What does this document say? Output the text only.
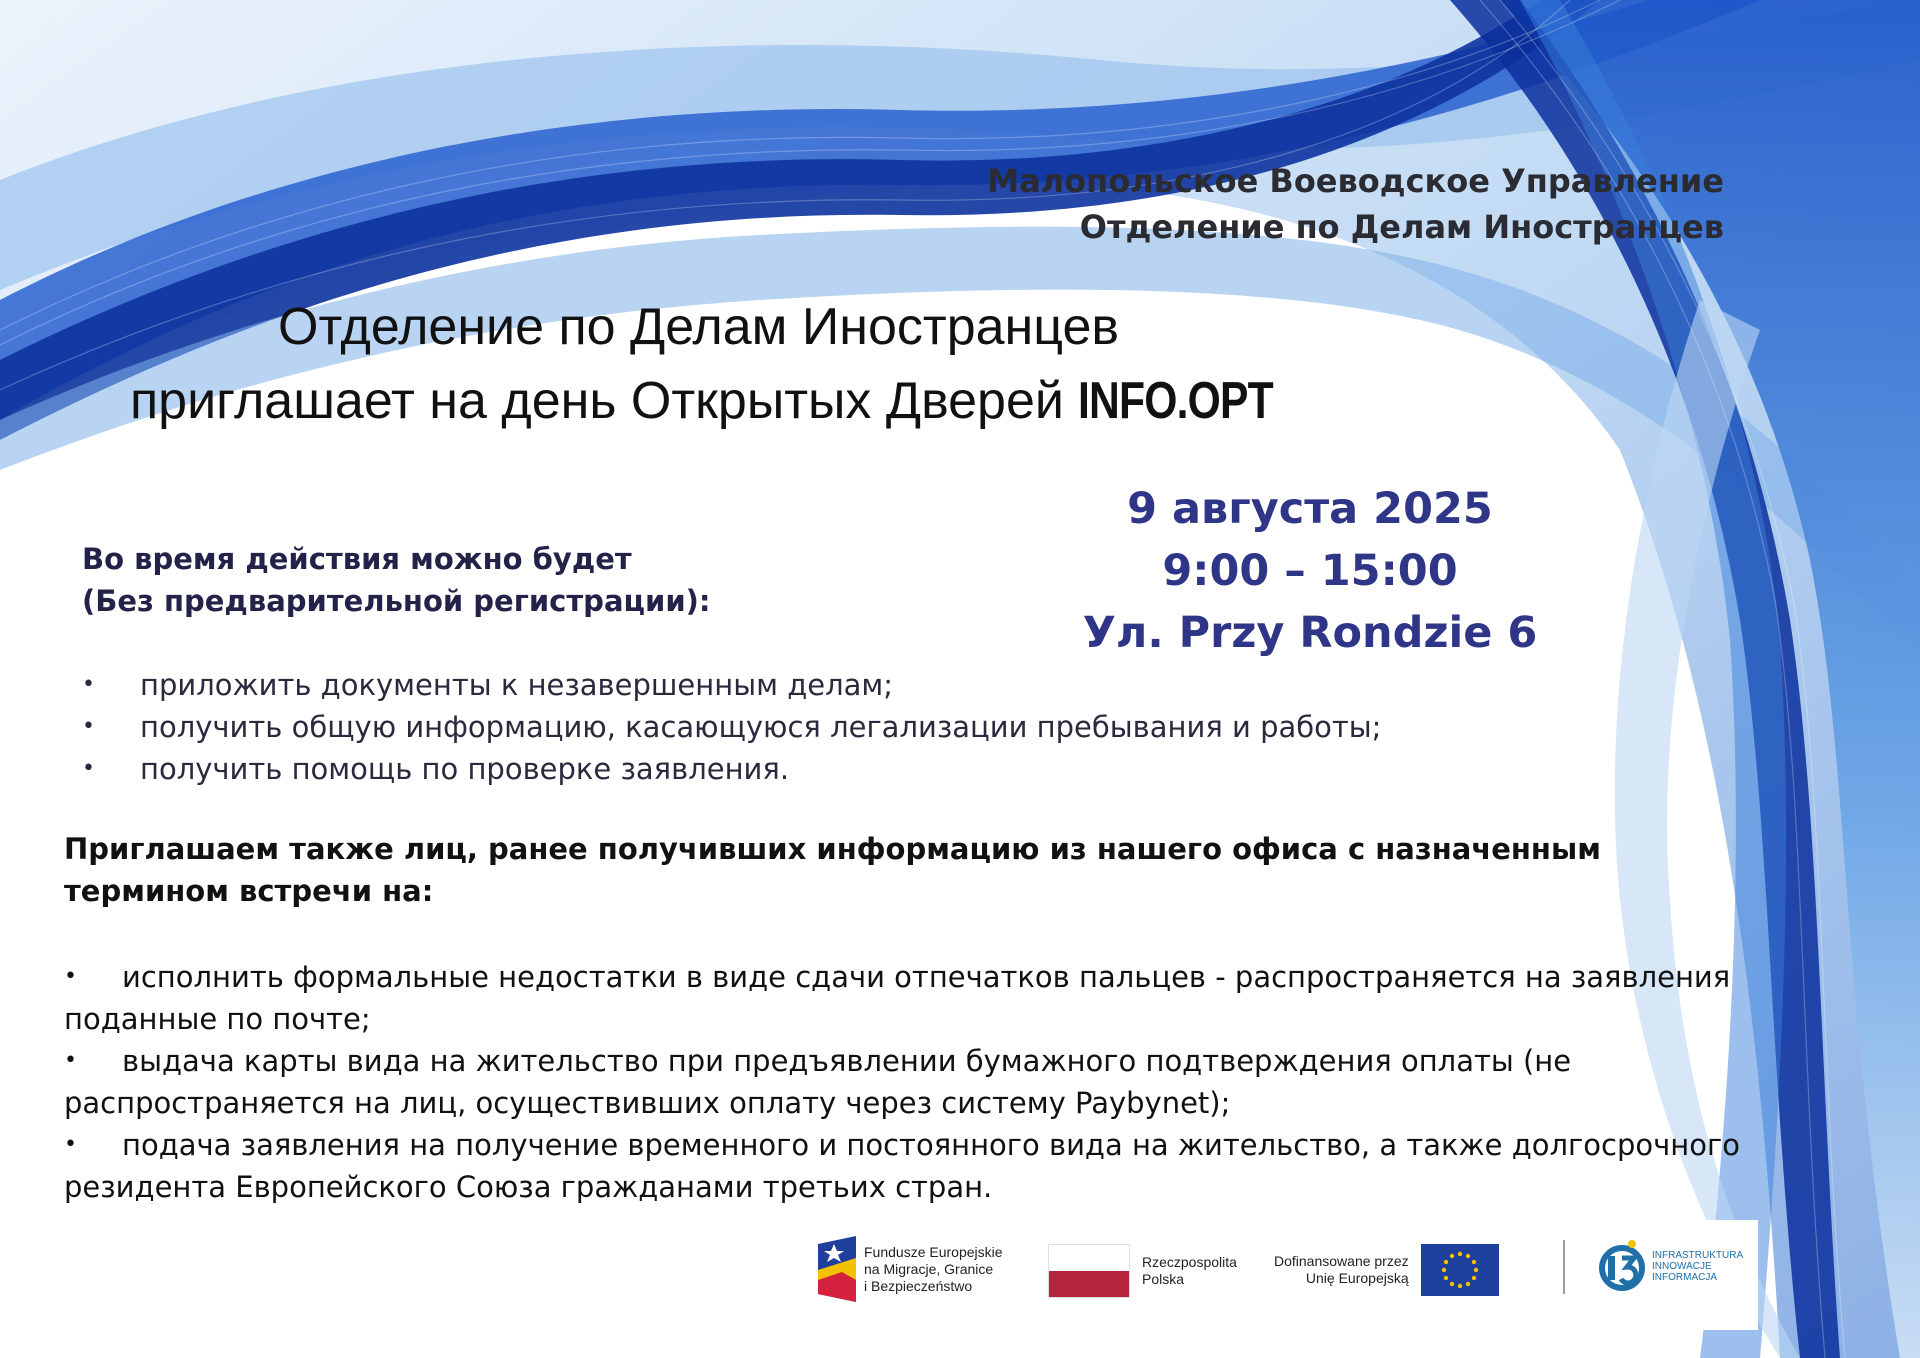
Малопольское Воеводское Управление
Отделение по Делам Иностранцев
Отделение по Делам Иностранцев
приглашает на день Открытых Дверей INFO.OPT
9 августа 2025
9:00 – 15:00
Ул. Przy Rondzie 6
Во время действия можно будет
(Без предварительной регистрации):
• приложить документы к незавершенным делам;
• получить общую информацию, касающуюся легализации пребывания и работы;
• получить помощь по проверке заявления.
Приглашаем также лиц, ранее получивших информацию из нашего офиса с назначенным термином встречи на:
• исполнить формальные недостатки в виде сдачи отпечатков пальцев - распространяется на заявления поданные по почте;
• выдача карты вида на жительство при предъявлении бумажного подтверждения оплаты (не распространяется на лиц, осуществивших оплату через систему Paybynet);
• подача заявления на получение временного и постоянного вида на жительство, а также долгосрочного резидента Европейского Союза гражданами третьих стран.
Fundusze Europejskie
na Migracje, Granice
i Bezpieczeństwo
Rzeczpospolita
Polska
Dofinansowane przez
Unię Europejską
INFRASTRUKTURA
INNOWACJE
INFORMACJA
